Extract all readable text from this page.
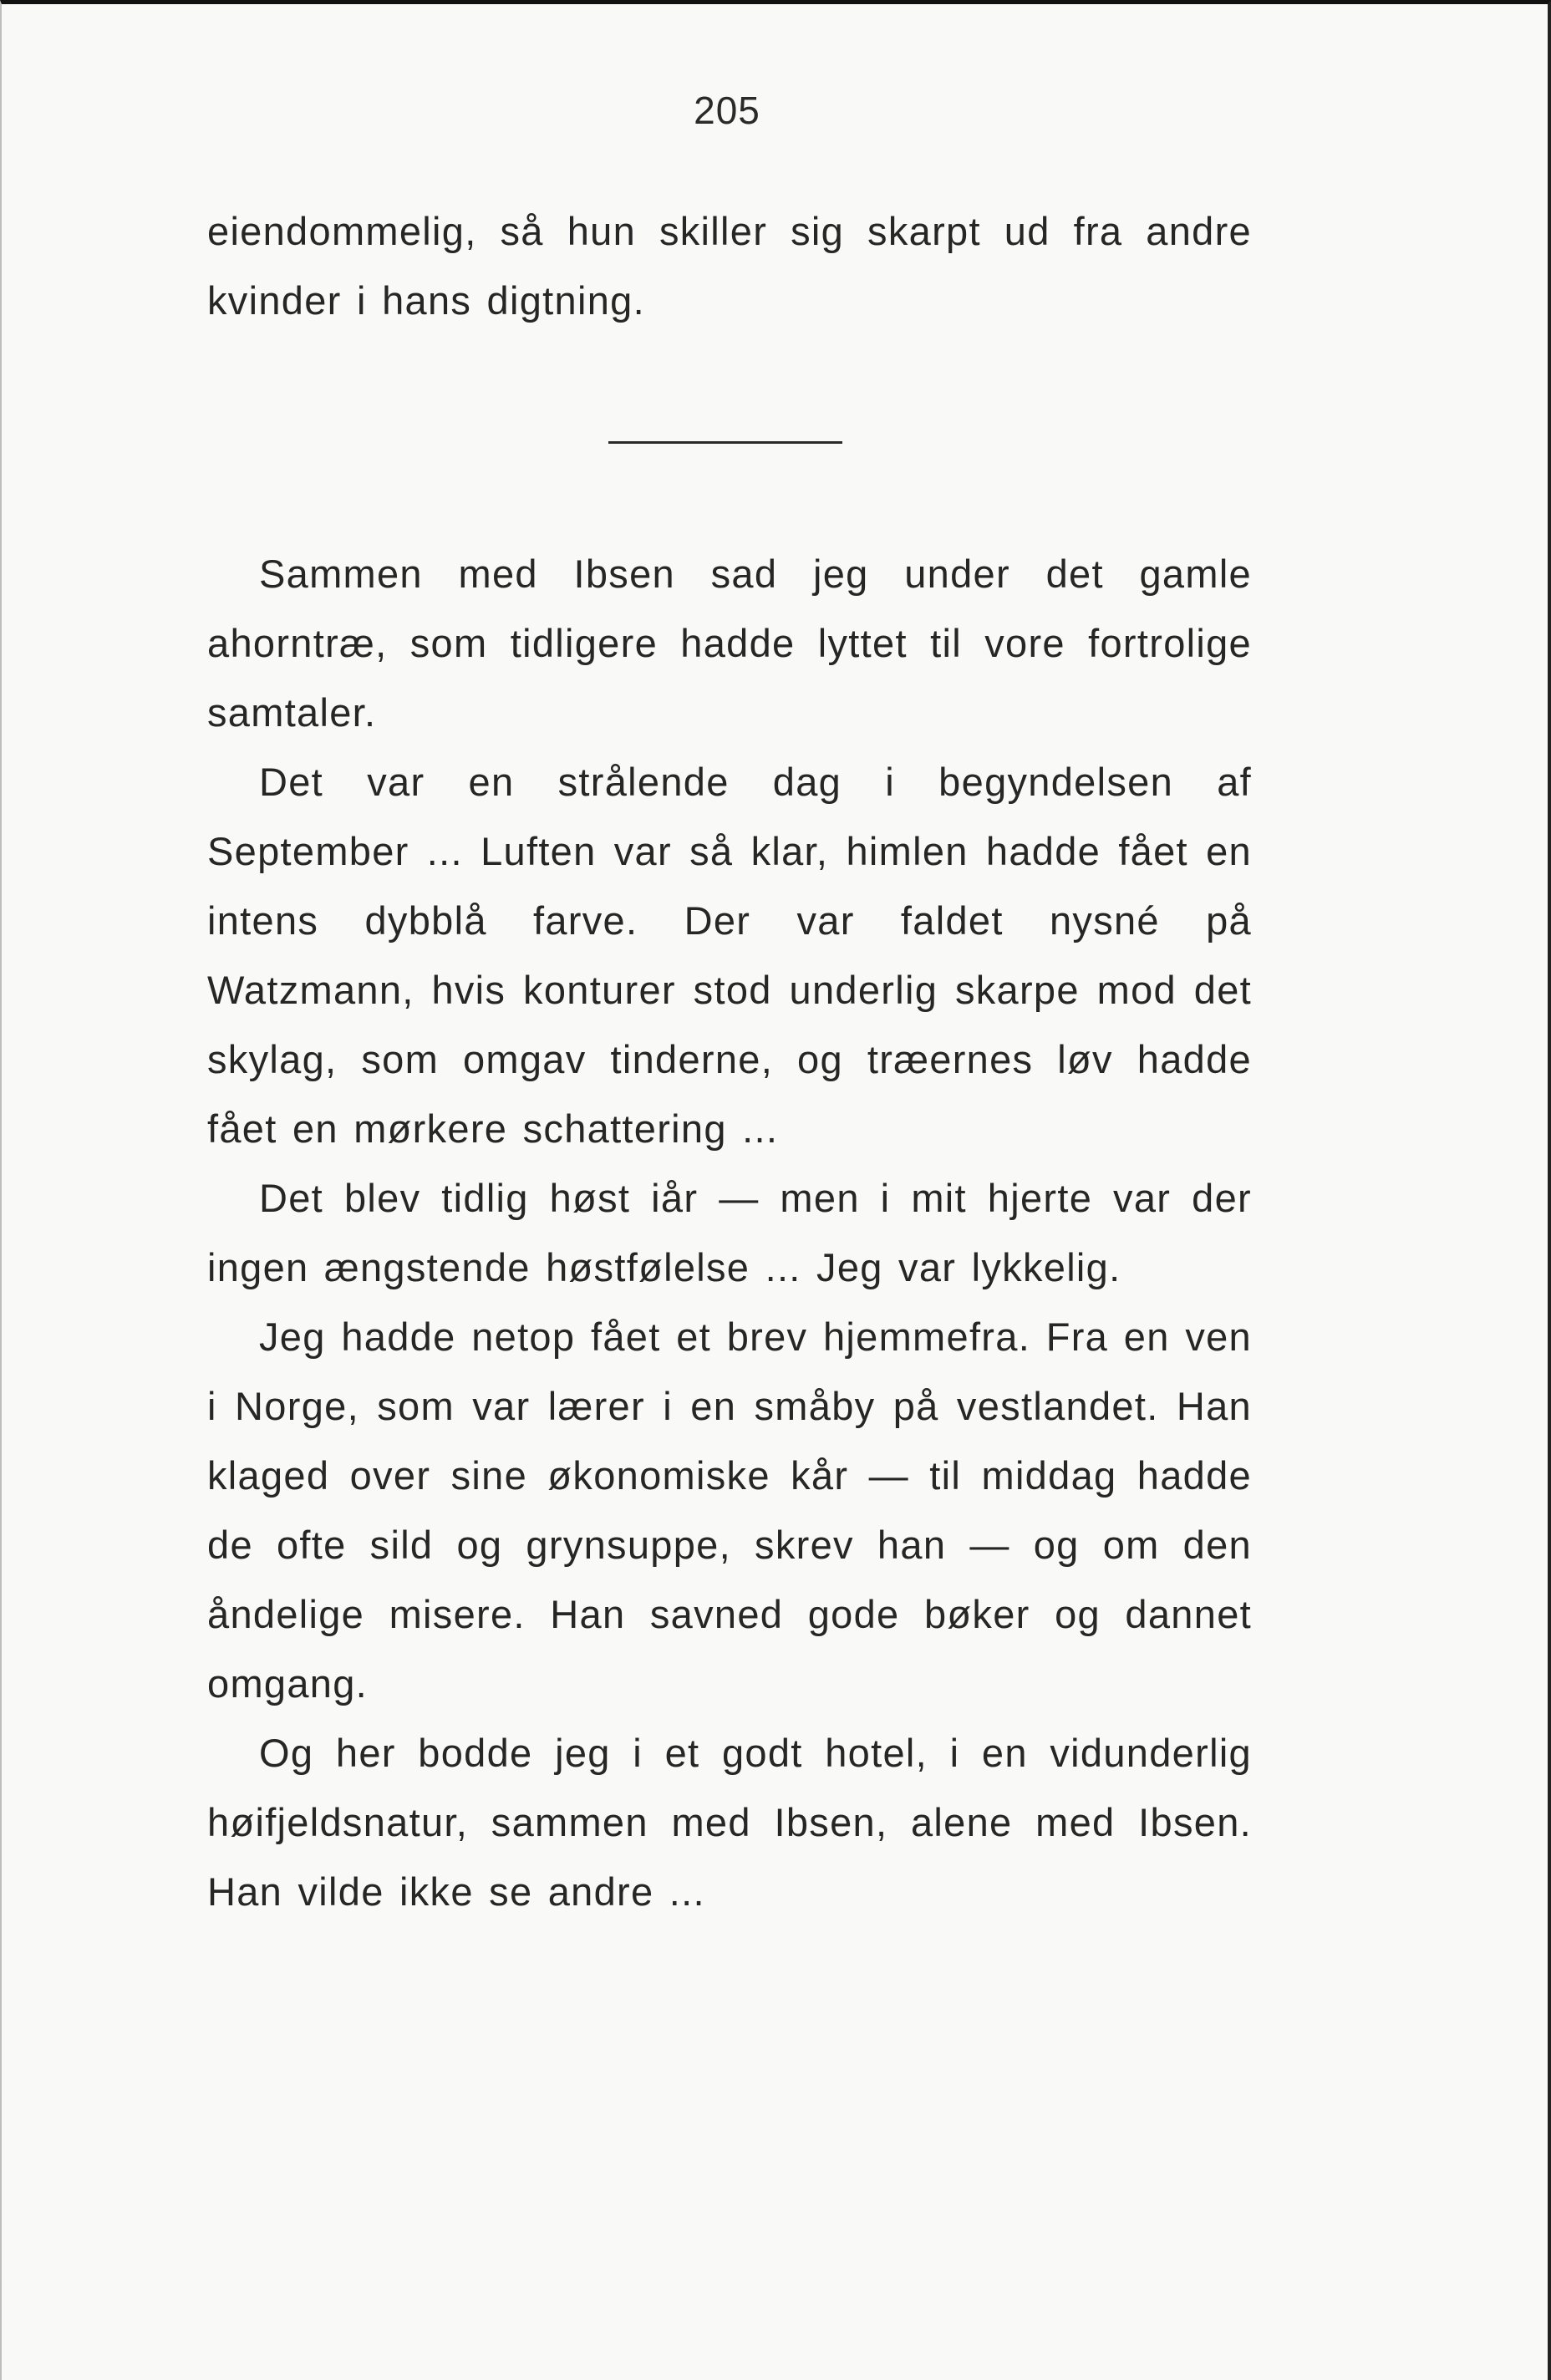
205

eiendommelig, så hun skiller sig skarpt ud fra andre kvinder i hans digtning.

Sammen med Ibsen sad jeg under det gamle ahorntræ, som tidligere hadde lyttet til vore fortrolige samtaler.

Det var en strålende dag i begyndelsen af September ... Luften var så klar, himlen hadde fået en intens dybblå farve. Der var faldet nysné på Watzmann, hvis konturer stod underlig skarpe mod det skylag, som omgav tinderne, og træernes løv hadde fået en mørkere schattering ...

Det blev tidlig høst iår — men i mit hjerte var der ingen ængstende høstfølelse ... Jeg var lykkelig.

Jeg hadde netop fået et brev hjemmefra. Fra en ven i Norge, som var lærer i en småby på vestlandet. Han klaged over sine økonomiske kår — til middag hadde de ofte sild og grynsuppe, skrev han — og om den åndelige misere. Han savned gode bøker og dannet omgang.

Og her bodde jeg i et godt hotel, i en vidunderlig høifjeldsnatur, sammen med Ibsen, alene med Ibsen. Han vilde ikke se andre ...
